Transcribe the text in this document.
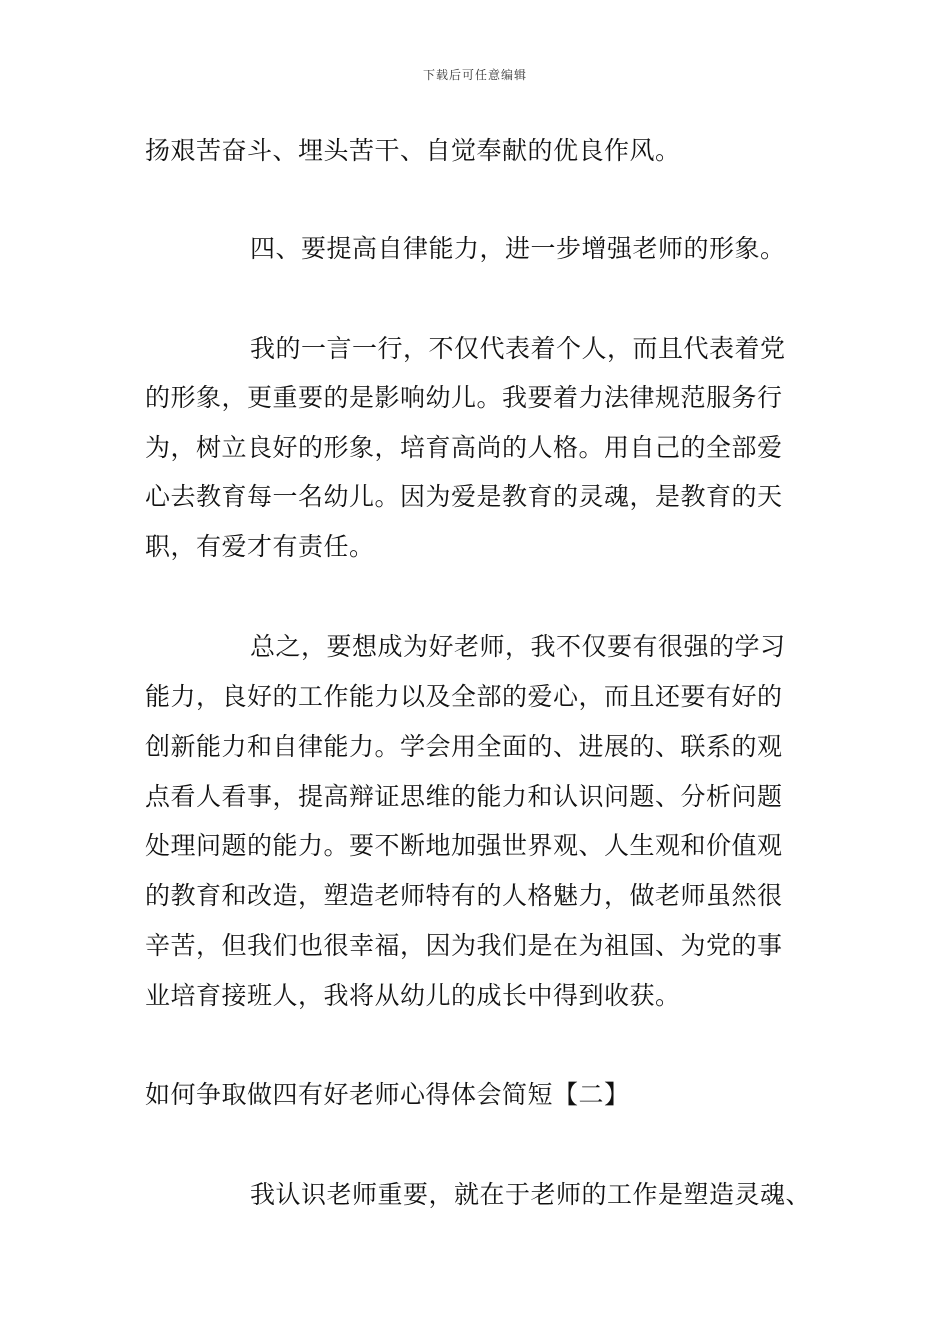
下载后可任意编辑
扬艰苦奋斗、埋头苦干、自觉奉献的优良作风。
四、要提高自律能力，进一步增强老师的形象。
我的一言一行，不仅代表着个人，而且代表着党
的形象，更重要的是影响幼儿。我要着力法律规范服务行
为，树立良好的形象，培育高尚的人格。用自己的全部爱
心去教育每一名幼儿。因为爱是教育的灵魂，是教育的天
职，有爱才有责任。
总之，要想成为好老师，我不仅要有很强的学习
能力，良好的工作能力以及全部的爱心，而且还要有好的
创新能力和自律能力。学会用全面的、进展的、联系的观
点看人看事，提高辩证思维的能力和认识问题、分析问题
处理问题的能力。要不断地加强世界观、人生观和价值观
的教育和改造，塑造老师特有的人格魅力，做老师虽然很
辛苦，但我们也很幸福，因为我们是在为祖国、为党的事
业培育接班人，我将从幼儿的成长中得到收获。
如何争取做四有好老师心得体会简短【二】
我认识老师重要，就在于老师的工作是塑造灵魂、
